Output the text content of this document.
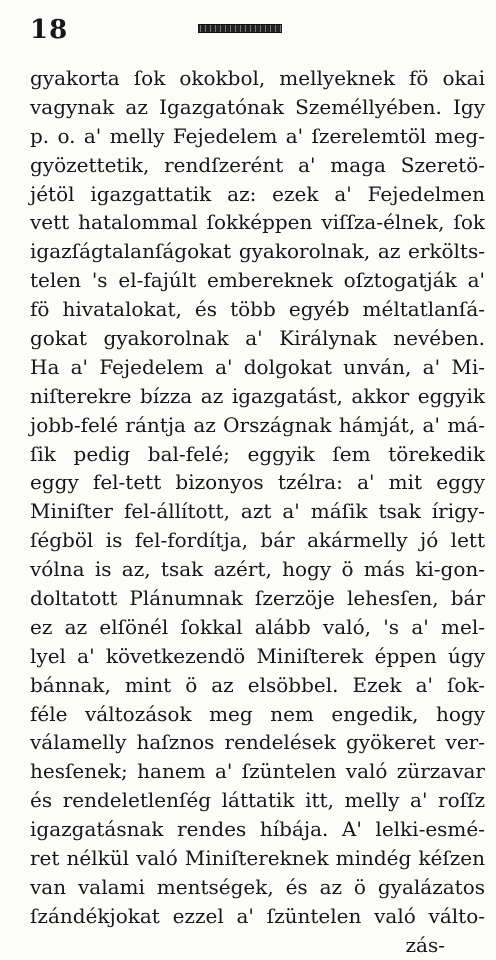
18
gyakorta ſok okokbol, mellyeknek fö okai
vagynak az Igazgatónak Személlyében. Igy
p. o. a' melly Fejedelem a' ſzerelemtöl meg-
gyözettetik, rendſzerént a' maga Szeretö-
jétöl igazgattatik az: ezek a' Fejedelmen
vett hatalommal ſokképpen viſſza-élnek, ſok
igazſágtalanſágokat gyakorolnak, az erkölts-
telen 's el-fajúlt embereknek oſztogatják a'
fö hivatalokat, és több egyéb méltatlanſá-
gokat gyakorolnak a' Királynak nevében.
Ha a' Fejedelem a' dolgokat unván, a' Mi-
niſterekre bízza az igazgatást, akkor eggyik
jobb-felé rántja az Országnak hámját, a' má-
ſik pedig bal-felé; eggyik ſem törekedik
eggy fel-tett bizonyos tzélra: a' mit eggy
Miniſter fel-állított, azt a' máſik tsak írigy-
ſégböl is fel-fordítja, bár akármelly jó lett
vólna is az, tsak azért, hogy ö más ki-gon-
doltatott Plánumnak ſzerzöje lehesſen, bár
ez az elſönél ſokkal alább való, 's a' mel-
lyel a' következendö Miniſterek éppen úgy
bánnak, mint ö az elsöbbel. Ezek a' ſok-
féle változások meg nem engedik, hogy
válamelly haſznos rendelések gyökeret ver-
hesſenek; hanem a' ſzüntelen való zürzavar
és rendeletlenſég láttatik itt, melly a' roſſz
igazgatásnak rendes híbája. A' lelki-esmé-
ret nélkül való Miniſtereknek mindég kéſzen
van valami mentségek, és az ö gyalázatos
ſzándékjokat ezzel a' ſzüntelen való válto-
zás-
